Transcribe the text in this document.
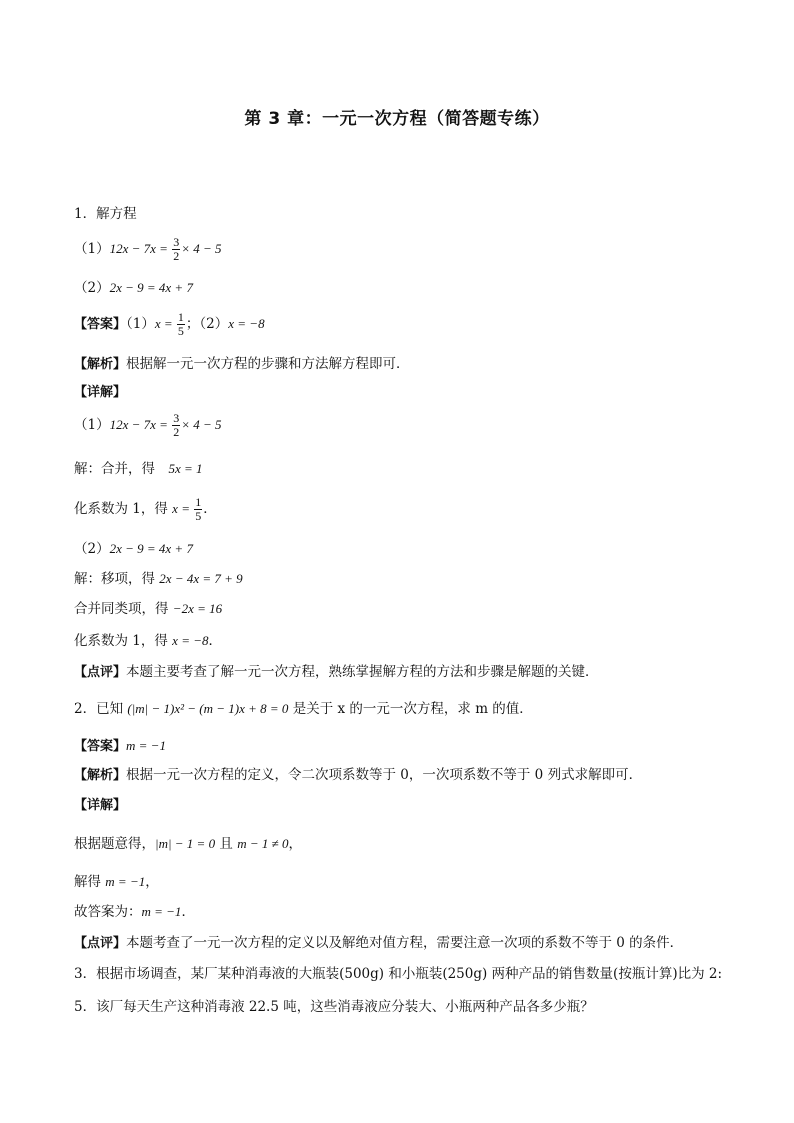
第 3 章：一元一次方程（简答题专练）
1．解方程
$(1)12x - 7x = \frac{3}{2} \times 4 - 5$
（2）2x − 9 = 4x + 7
【答案】$(1)x = \frac{1}{5}$ ；（2）x = −8
【解析】根据解一元一次方程的步骤和方法解方程即可．
【详解】
$(1)12x - 7x = \frac{3}{2} \times 4 - 5$
解：合并，得　5x = 1
化系数为 1，得 $x = \frac{1}{5}$ ．
（2）2x − 9 = 4x + 7
解：移项，得 2x − 4x = 7 + 9
合并同类项，得 −2x = 16
化系数为 1，得 x = −8．
【点评】本题主要考查了解一元一次方程，熟练掌握解方程的方法和步骤是解题的关键．
2．已知 (|m| − 1)x² − (m − 1)x + 8 = 0 是关于 x 的一元一次方程，求 m 的值．
【答案】m = −1
【解析】根据一元一次方程的定义，令二次项系数等于 0，一次项系数不等于 0 列式求解即可．
【详解】
根据题意得，|m| − 1 = 0 且 m − 1 ≠ 0，
解得 m = −1，
故答案为：m = −1．
【点评】本题考查了一元一次方程的定义以及解绝对值方程，需要注意一次项的系数不等于 0 的条件．
3．根据市场调查，某厂某种消毒液的大瓶装(500g) 和小瓶装(250g) 两种产品的销售数量(按瓶计算)比为 2:
5．该厂每天生产这种消毒液 22.5 吨，这些消毒液应分装大、小瓶两种产品各多少瓶？
